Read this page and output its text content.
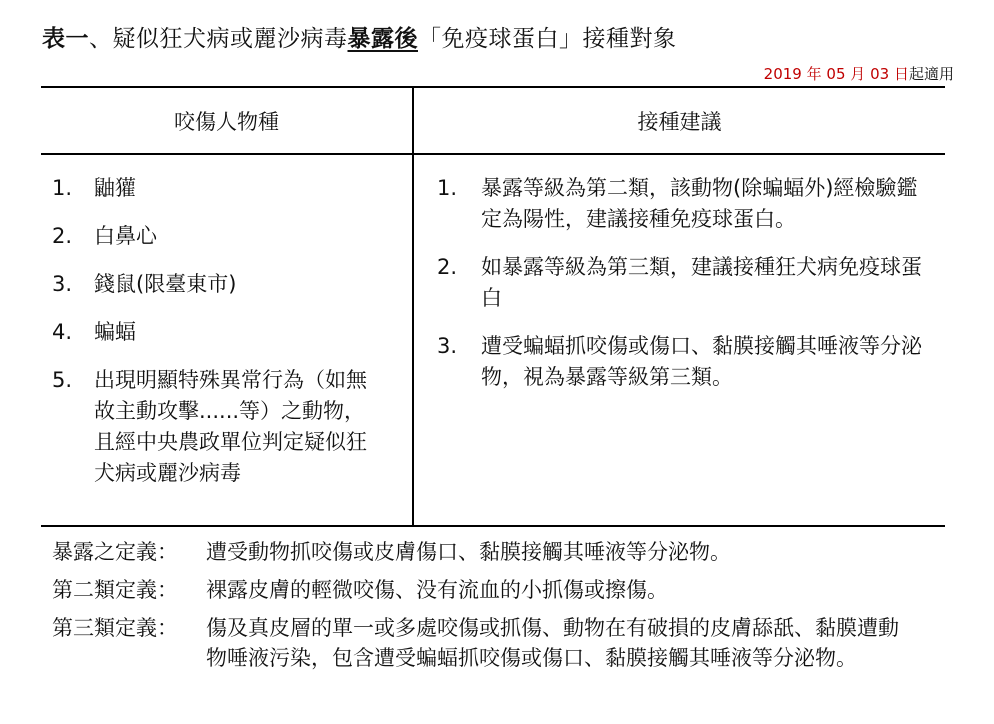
表一、疑似狂犬病或麗沙病毒暴露後「免疫球蛋白」接種對象
2019 年 05 月 03 日起適用
咬傷人物種	接種建議
1.	鼬獾
2.	白鼻心
3.	錢鼠(限臺東市)
4.	蝙蝠
5.	出現明顯特殊異常行為（如無故主動攻擊......等）之動物，且經中央農政單位判定疑似狂犬病或麗沙病毒
1.	暴露等級為第二類，該動物(除蝙蝠外)經檢驗鑑定為陽性，建議接種免疫球蛋白。
2.	如暴露等級為第三類，建議接種狂犬病免疫球蛋白
3.	遭受蝙蝠抓咬傷或傷口、黏膜接觸其唾液等分泌物，視為暴露等級第三類。
暴露之定義：	遭受動物抓咬傷或皮膚傷口、黏膜接觸其唾液等分泌物。
第二類定義：	裸露皮膚的輕微咬傷、没有流血的小抓傷或擦傷。
第三類定義：	傷及真皮層的單一或多處咬傷或抓傷、動物在有破損的皮膚舔舐、黏膜遭動物唾液污染，包含遭受蝙蝠抓咬傷或傷口、黏膜接觸其唾液等分泌物。
